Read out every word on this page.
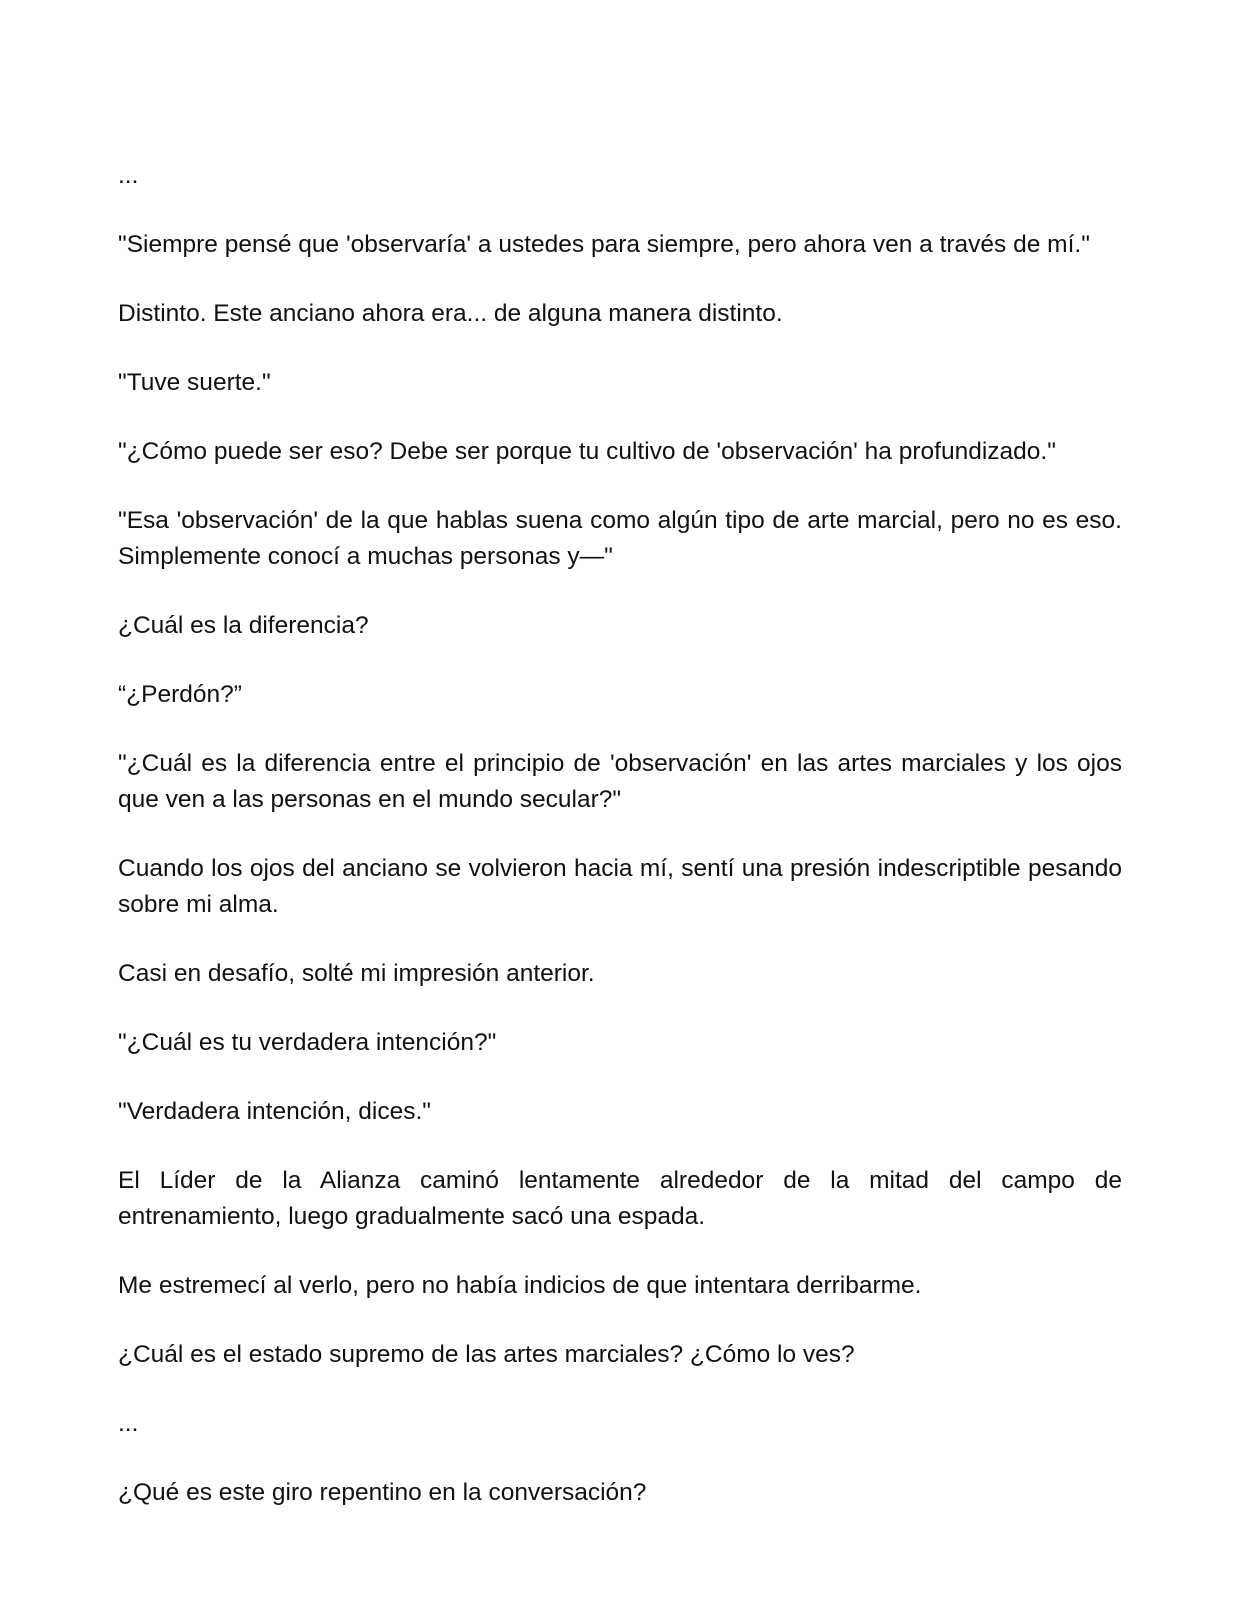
...

"Siempre pensé que 'observaría' a ustedes para siempre, pero ahora ven a través de mí."

Distinto. Este anciano ahora era... de alguna manera distinto.

"Tuve suerte."

"¿Cómo puede ser eso? Debe ser porque tu cultivo de 'observación' ha profundizado."

"Esa 'observación' de la que hablas suena como algún tipo de arte marcial, pero no es eso. Simplemente conocí a muchas personas y—"

¿Cuál es la diferencia?

“¿Perdón?”

"¿Cuál es la diferencia entre el principio de 'observación' en las artes marciales y los ojos que ven a las personas en el mundo secular?"

Cuando los ojos del anciano se volvieron hacia mí, sentí una presión indescriptible pesando sobre mi alma.

Casi en desafío, solté mi impresión anterior.

"¿Cuál es tu verdadera intención?"

"Verdadera intención, dices."

El Líder de la Alianza caminó lentamente alrededor de la mitad del campo de entrenamiento, luego gradualmente sacó una espada.

Me estremecí al verlo, pero no había indicios de que intentara derribarme.

¿Cuál es el estado supremo de las artes marciales? ¿Cómo lo ves?

...

¿Qué es este giro repentino en la conversación?
